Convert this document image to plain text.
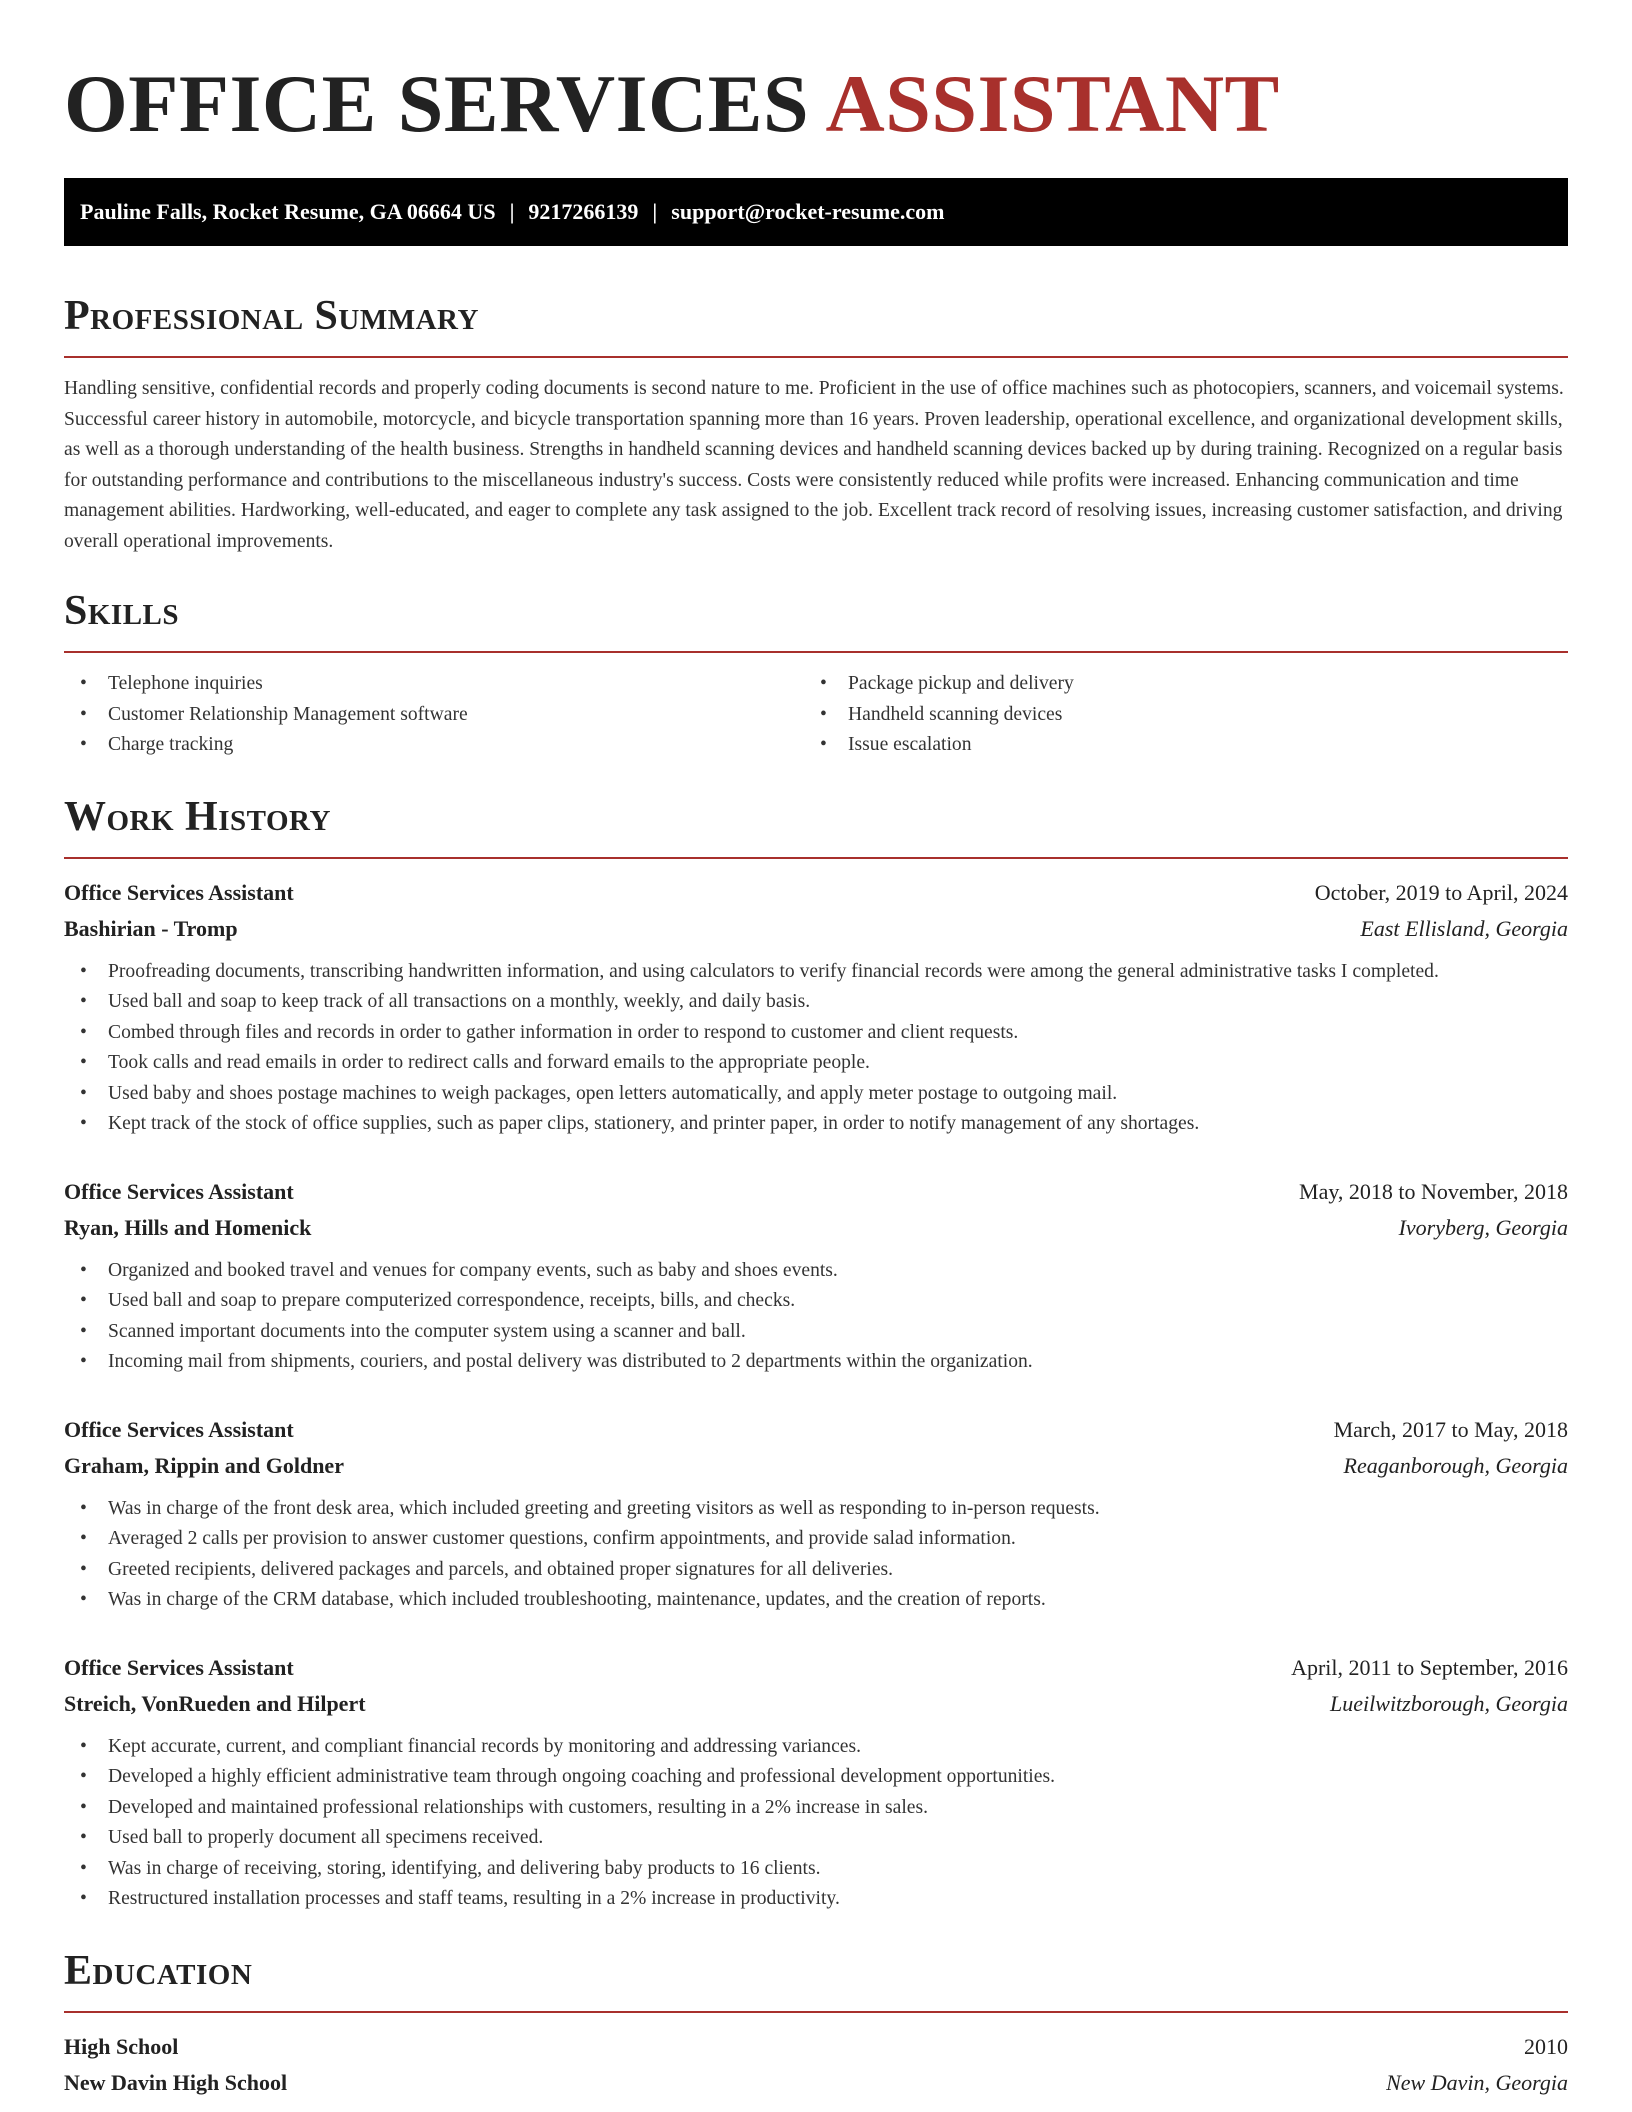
OFFICE SERVICES ASSISTANT
Pauline Falls, Rocket Resume, GA 06664 US | 9217266139 | support@rocket-resume.com
Professional Summary

Handling sensitive, confidential records and properly coding documents is second nature to me. Proficient in the use of office machines such as photocopiers, scanners, and voicemail systems. Successful career history in automobile, motorcycle, and bicycle transportation spanning more than 16 years. Proven leadership, operational excellence, and organizational development skills, as well as a thorough understanding of the health business. Strengths in handheld scanning devices and handheld scanning devices backed up by during training. Recognized on a regular basis for outstanding performance and contributions to the miscellaneous industry's success. Costs were consistently reduced while profits were increased. Enhancing communication and time management abilities. Hardworking, well-educated, and eager to complete any task assigned to the job. Excellent track record of resolving issues, increasing customer satisfaction, and driving overall operational improvements.

Skills
• Telephone inquiries
• Customer Relationship Management software
• Charge tracking
• Package pickup and delivery
• Handheld scanning devices
• Issue escalation
Work History
Office Services Assistant	October, 2019 to April, 2024
Bashirian - Tromp	East Ellisland, Georgia
• Proofreading documents, transcribing handwritten information, and using calculators to verify financial records were among the general administrative tasks I completed.
• Used ball and soap to keep track of all transactions on a monthly, weekly, and daily basis.
• Combed through files and records in order to gather information in order to respond to customer and client requests.
• Took calls and read emails in order to redirect calls and forward emails to the appropriate people.
• Used baby and shoes postage machines to weigh packages, open letters automatically, and apply meter postage to outgoing mail.
• Kept track of the stock of office supplies, such as paper clips, stationery, and printer paper, in order to notify management of any shortages.
Office Services Assistant	May, 2018 to November, 2018
Ryan, Hills and Homenick	Ivoryberg, Georgia
• Organized and booked travel and venues for company events, such as baby and shoes events.
• Used ball and soap to prepare computerized correspondence, receipts, bills, and checks.
• Scanned important documents into the computer system using a scanner and ball.
• Incoming mail from shipments, couriers, and postal delivery was distributed to 2 departments within the organization.
Office Services Assistant	March, 2017 to May, 2018
Graham, Rippin and Goldner	Reaganborough, Georgia
• Was in charge of the front desk area, which included greeting and greeting visitors as well as responding to in-person requests.
• Averaged 2 calls per provision to answer customer questions, confirm appointments, and provide salad information.
• Greeted recipients, delivered packages and parcels, and obtained proper signatures for all deliveries.
• Was in charge of the CRM database, which included troubleshooting, maintenance, updates, and the creation of reports.
Office Services Assistant	April, 2011 to September, 2016
Streich, VonRueden and Hilpert	Lueilwitzborough, Georgia
• Kept accurate, current, and compliant financial records by monitoring and addressing variances.
• Developed a highly efficient administrative team through ongoing coaching and professional development opportunities.
• Developed and maintained professional relationships with customers, resulting in a 2% increase in sales.
• Used ball to properly document all specimens received.
• Was in charge of receiving, storing, identifying, and delivering baby products to 16 clients.
• Restructured installation processes and staff teams, resulting in a 2% increase in productivity.
Education
High School	2010
New Davin High School	New Davin, Georgia
